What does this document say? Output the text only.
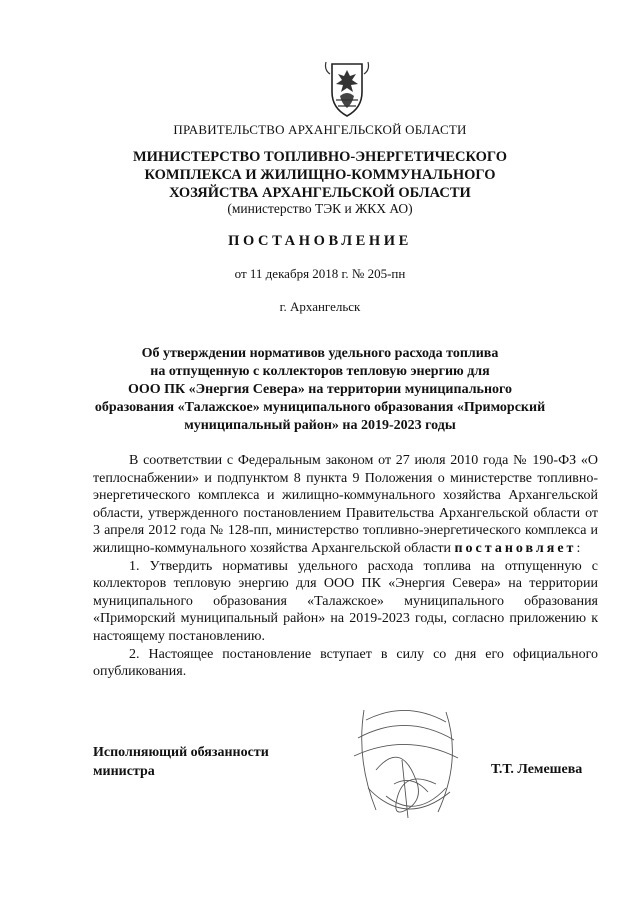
ПРАВИТЕЛЬСТВО АРХАНГЕЛЬСКОЙ ОБЛАСТИ
МИНИСТЕРСТВО ТОПЛИВНО-ЭНЕРГЕТИЧЕСКОГО
КОМПЛЕКСА И ЖИЛИЩНО-КОММУНАЛЬНОГО
ХОЗЯЙСТВА АРХАНГЕЛЬСКОЙ ОБЛАСТИ
(министерство ТЭК и ЖКХ АО)
ПОСТАНОВЛЕНИЕ
от 11 декабря 2018 г. № 205-пн
г. Архангельск
Об утверждении нормативов удельного расхода топлива
на отпущенную с коллекторов тепловую энергию для
ООО ПК «Энергия Севера» на территории муниципального
образования «Талажское» муниципального образования «Приморский
муниципальный район» на 2019-2023 годы

В соответствии с Федеральным законом от 27 июля 2010 года № 190-ФЗ «О теплоснабжении» и подпунктом 8 пункта 9 Положения о министерстве топливно-энергетического комплекса и жилищно-коммунального хозяйства Архангельской области, утвержденного постановлением Правительства Архангельской области от 3 апреля 2012 года № 128-пп, министерство топливно-энергетического комплекса и жилищно-коммунального хозяйства Архангельской области постановляет:

1. Утвердить нормативы удельного расхода топлива на отпущенную с коллекторов тепловую энергию для ООО ПК «Энергия Севера» на территории муниципального образования «Талажское» муниципального образования «Приморский муниципальный район» на 2019-2023 годы, согласно приложению к настоящему постановлению.

2. Настоящее постановление вступает в силу со дня его официального опубликования.

Исполняющий обязанности
министра	Т.Т. Лемешева
